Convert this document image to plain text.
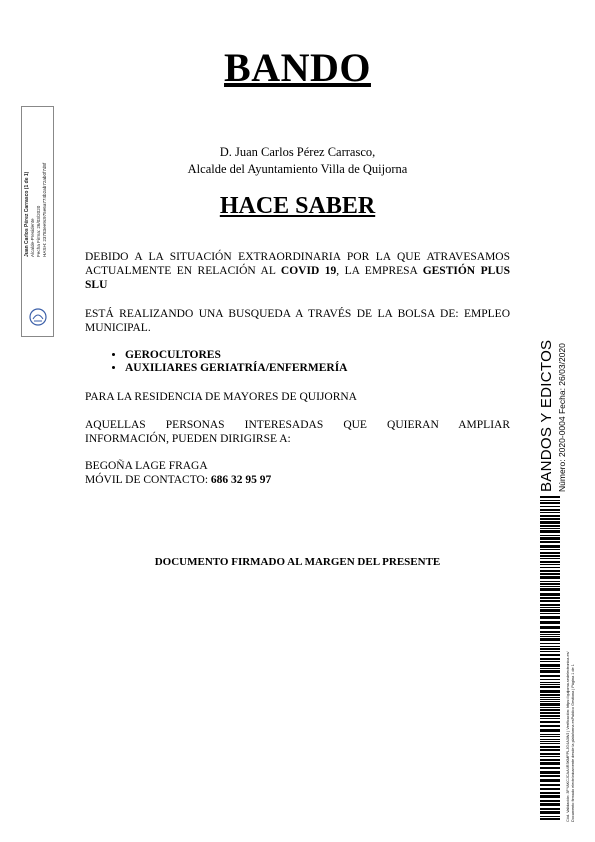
BANDO
D. Juan Carlos Pérez Carrasco,
Alcalde del Ayuntamiento Villa de Quijorna
HACE SABER
DEBIDO A LA SITUACIÓN EXTRAORDINARIA POR LA QUE ATRAVESAMOS ACTUALMENTE EN RELACIÓN AL COVID 19, LA EMPRESA GESTIÓN PLUS SLU
ESTÁ REALIZANDO UNA BUSQUEDA A TRAVÉS DE LA BOLSA DE: EMPLEO MUNICIPAL.
• GEROCULTORES
• AUXILIARES GERIATRÍA/ENFERMERÍA
PARA LA RESIDENCIA DE MAYORES DE QUIJORNA
AQUELLAS PERSONAS INTERESADAS QUE QUIERAN AMPLIAR INFORMACIÓN, PUEDEN DIRIGIRSE A:
BEGOÑA LAGE FRAGA
MÓVIL DE CONTACTO: 686 32 95 97
DOCUMENTO FIRMADO AL MARGEN DEL PRESENTE
Juan Carlos Pérez Carrasco (1 de 1) Alcalde-Presidente Fecha Firma: 26/03/2020 HASH: 23783ee9c975e6a774b2ab72ab0f7d8f
BANDOS Y EDICTOS Número: 2020-0004 Fecha: 26/03/2020
Cód. Validación: 3FYAKCJCAA4R3KMFPLJG4A3WJ | Verificación: https://quijorna.sedelectronica.es/ Documento firmado electrónicamente desde la plataforma esPublico Gestiona | Página 1 de 1
